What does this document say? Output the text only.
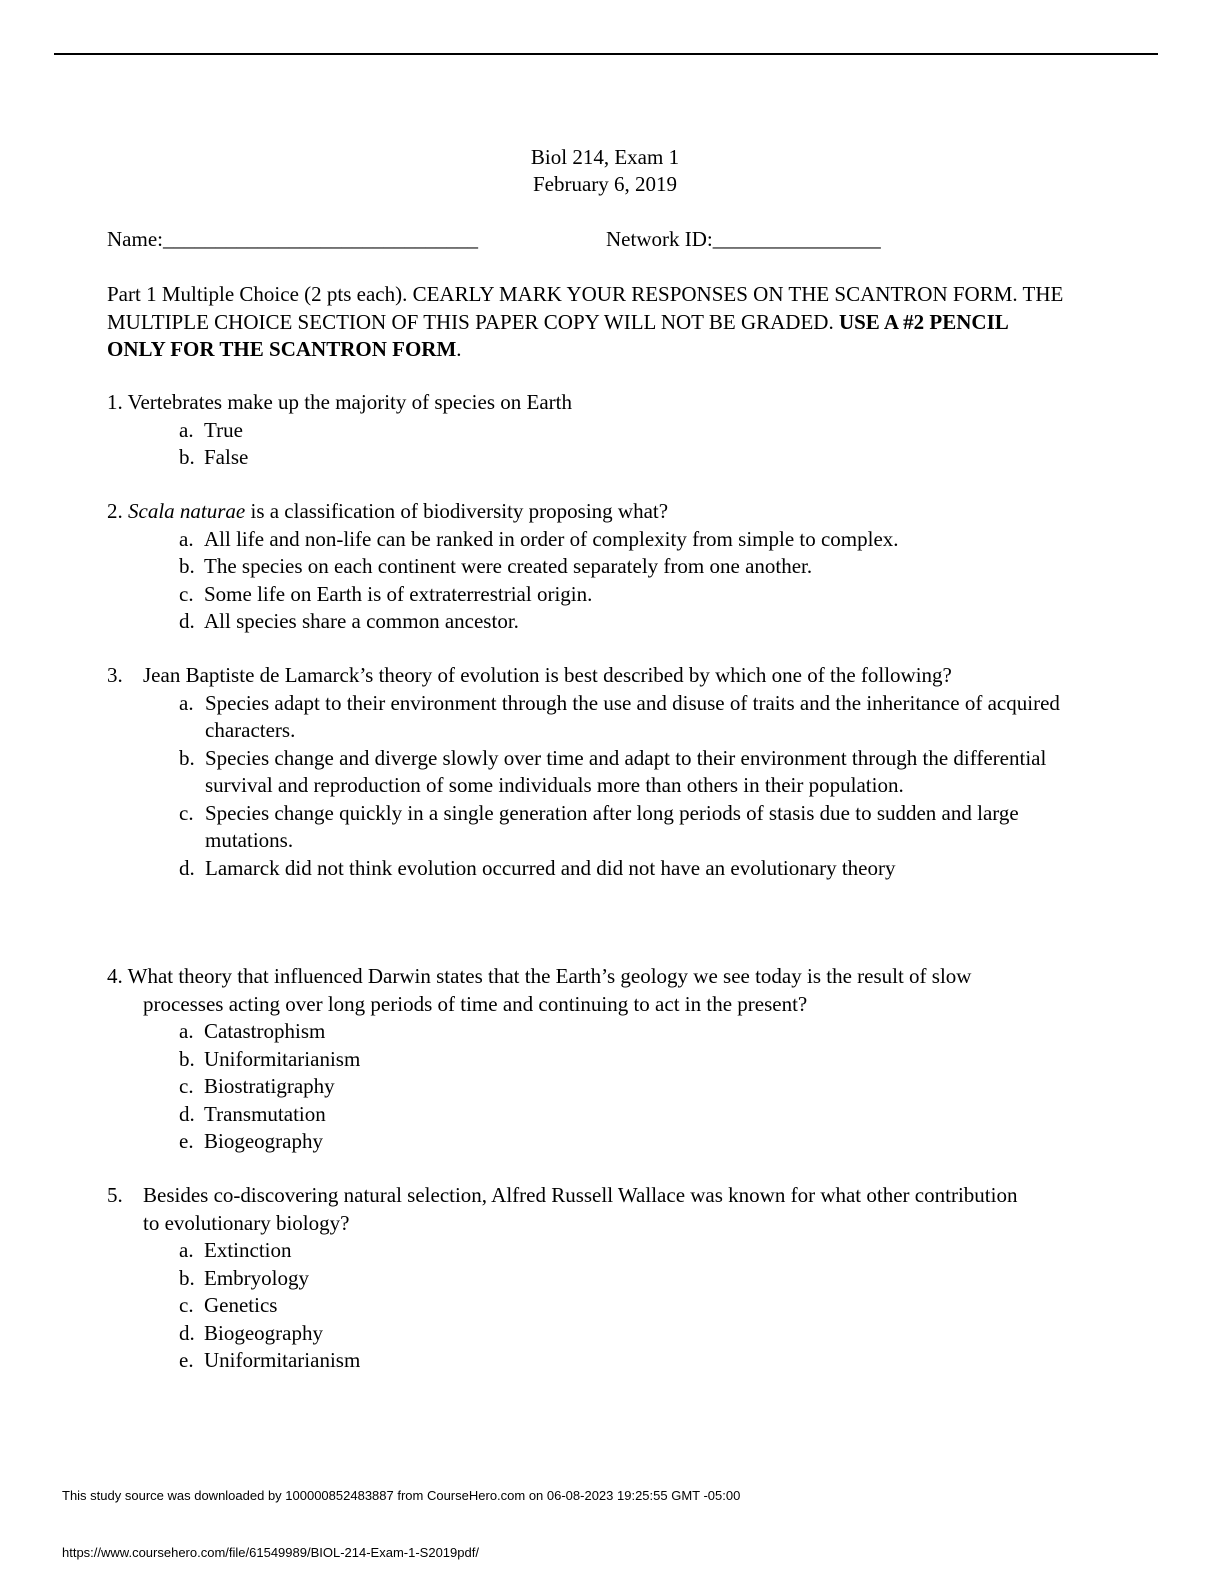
Biol 214, Exam 1
February 6, 2019
Name:______________________________	Network ID:________________
Part 1 Multiple Choice (2 pts each). CEARLY MARK YOUR RESPONSES ON THE SCANTRON FORM. THE MULTIPLE CHOICE SECTION OF THIS PAPER COPY WILL NOT BE GRADED. USE A #2 PENCIL ONLY FOR THE SCANTRON FORM.
1. Vertebrates make up the majority of species on Earth
a. True
b. False
2. Scala naturae is a classification of biodiversity proposing what?
a. All life and non-life can be ranked in order of complexity from simple to complex.
b. The species on each continent were created separately from one another.
c. Some life on Earth is of extraterrestrial origin.
d. All species share a common ancestor.
3. Jean Baptiste de Lamarck’s theory of evolution is best described by which one of the following?
a. Species adapt to their environment through the use and disuse of traits and the inheritance of acquired characters.
b. Species change and diverge slowly over time and adapt to their environment through the differential survival and reproduction of some individuals more than others in their population.
c. Species change quickly in a single generation after long periods of stasis due to sudden and large mutations.
d. Lamarck did not think evolution occurred and did not have an evolutionary theory
4. What theory that influenced Darwin states that the Earth’s geology we see today is the result of slow processes acting over long periods of time and continuing to act in the present?
a. Catastrophism
b. Uniformitarianism
c. Biostratigraphy
d. Transmutation
e. Biogeography
5. Besides co-discovering natural selection, Alfred Russell Wallace was known for what other contribution to evolutionary biology?
a. Extinction
b. Embryology
c. Genetics
d. Biogeography
e. Uniformitarianism
This study source was downloaded by 100000852483887 from CourseHero.com on 06-08-2023 19:25:55 GMT -05:00
https://www.coursehero.com/file/61549989/BIOL-214-Exam-1-S2019pdf/
